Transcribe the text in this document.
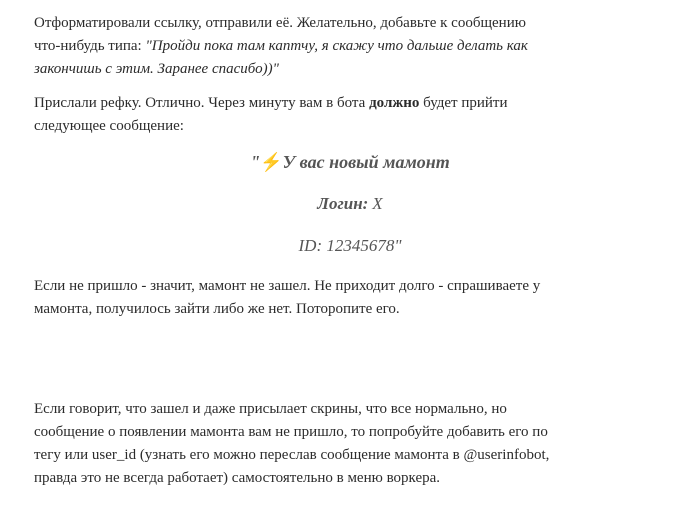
Отформатировали ссылку, отправили её. Желательно, добавьте к сообщению

что-нибудь типа: "Пройди пока там каптчу, я скажу что дальше делать как

закончишь с этим. Заранее спасибо))"

Прислали рефку. Отлично. Через минуту вам в бота должно будет прийти

следующее сообщение:

"⚡У вас новый мамонт
Логин: X
ID: 12345678"

Если не пришло - значит, мамонт не зашел. Не приходит долго - спрашиваете у

мамонта, получилось зайти либо же нет. Поторопите его.

Если говорит, что зашел и даже присылает скрины, что все нормально, но

сообщение о появлении мамонта вам не пришло, то попробуйте добавить его по

тегу или user_id (узнать его можно переслав сообщение мамонта в @userinfobot,

правда это не всегда работает) самостоятельно в меню воркера.
